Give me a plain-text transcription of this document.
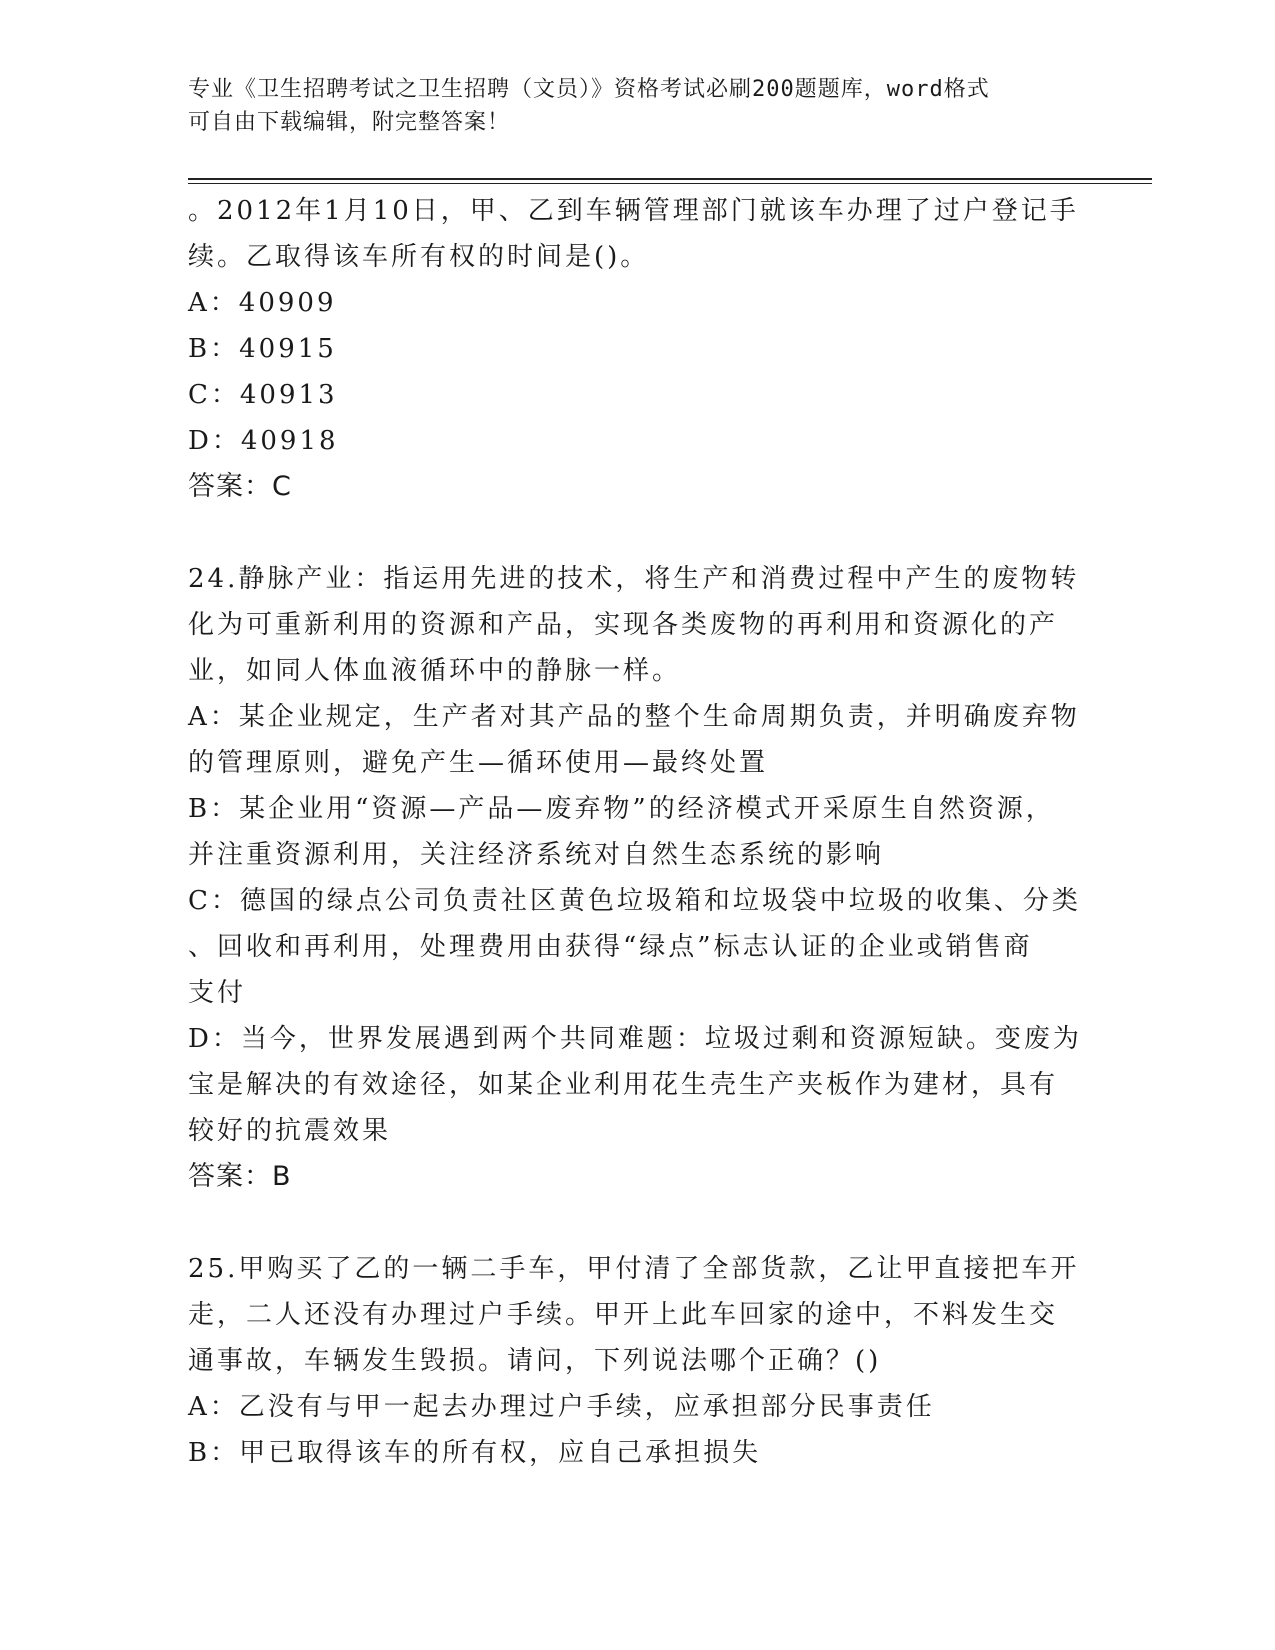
专业《卫生招聘考试之卫生招聘（文员）》资格考试必刷200题题库，word格式
可自由下载编辑，附完整答案！
。2012年1月10日，甲、乙到车辆管理部门就该车办理了过户登记手
续。乙取得该车所有权的时间是()。
A：40909
B：40915
C：40913
D：40918
答案：C
24.静脉产业：指运用先进的技术，将生产和消费过程中产生的废物转
化为可重新利用的资源和产品，实现各类废物的再利用和资源化的产
业，如同人体血液循环中的静脉一样。
A：某企业规定，生产者对其产品的整个生命周期负责，并明确废弃物
的管理原则，避免产生—循环使用—最终处置
B：某企业用“资源—产品—废弃物”的经济模式开采原生自然资源，
并注重资源利用，关注经济系统对自然生态系统的影响
C：德国的绿点公司负责社区黄色垃圾箱和垃圾袋中垃圾的收集、分类
、回收和再利用，处理费用由获得“绿点”标志认证的企业或销售商
支付
D：当今，世界发展遇到两个共同难题：垃圾过剩和资源短缺。变废为
宝是解决的有效途径，如某企业利用花生壳生产夹板作为建材，具有
较好的抗震效果
答案：B
25.甲购买了乙的一辆二手车，甲付清了全部货款，乙让甲直接把车开
走，二人还没有办理过户手续。甲开上此车回家的途中，不料发生交
通事故，车辆发生毁损。请问，下列说法哪个正确？()
A：乙没有与甲一起去办理过户手续，应承担部分民事责任
B：甲已取得该车的所有权，应自己承担损失
